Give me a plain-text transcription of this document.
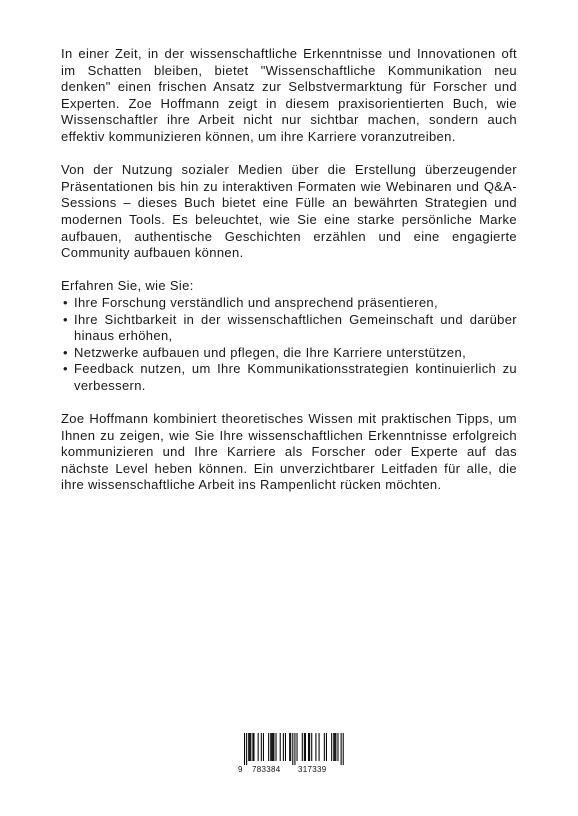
In einer Zeit, in der wissenschaftliche Erkenntnisse und Innovationen oft im Schatten bleiben, bietet "Wissenschaftliche Kommunikation neu denken" einen frischen Ansatz zur Selbstvermarktung für Forscher und Experten. Zoe Hoffmann zeigt in diesem praxisorientierten Buch, wie Wissenschaftler ihre Arbeit nicht nur sichtbar machen, sondern auch effektiv kommunizieren können, um ihre Karriere voranzutreiben.

Von der Nutzung sozialer Medien über die Erstellung überzeugender Präsentationen bis hin zu interaktiven Formaten wie Webinaren und Q&A-Sessions – dieses Buch bietet eine Fülle an bewährten Strategien und modernen Tools. Es beleuchtet, wie Sie eine starke persönliche Marke aufbauen, authentische Geschichten erzählen und eine engagierte Community aufbauen können.

Erfahren Sie, wie Sie:

• Ihre Forschung verständlich und ansprechend präsentieren,
• Ihre Sichtbarkeit in der wissenschaftlichen Gemeinschaft und darüber hinaus erhöhen,
• Netzwerke aufbauen und pflegen, die Ihre Karriere unterstützen,
• Feedback nutzen, um Ihre Kommunikationsstrategien kontinuierlich zu verbessern.

Zoe Hoffmann kombiniert theoretisches Wissen mit praktischen Tipps, um Ihnen zu zeigen, wie Sie Ihre wissenschaftlichen Erkenntnisse erfolgreich kommunizieren und Ihre Karriere als Forscher oder Experte auf das nächste Level heben können. Ein unverzichtbarer Leitfaden für alle, die ihre wissenschaftliche Arbeit ins Rampenlicht rücken möchten.

9 783384 317339
